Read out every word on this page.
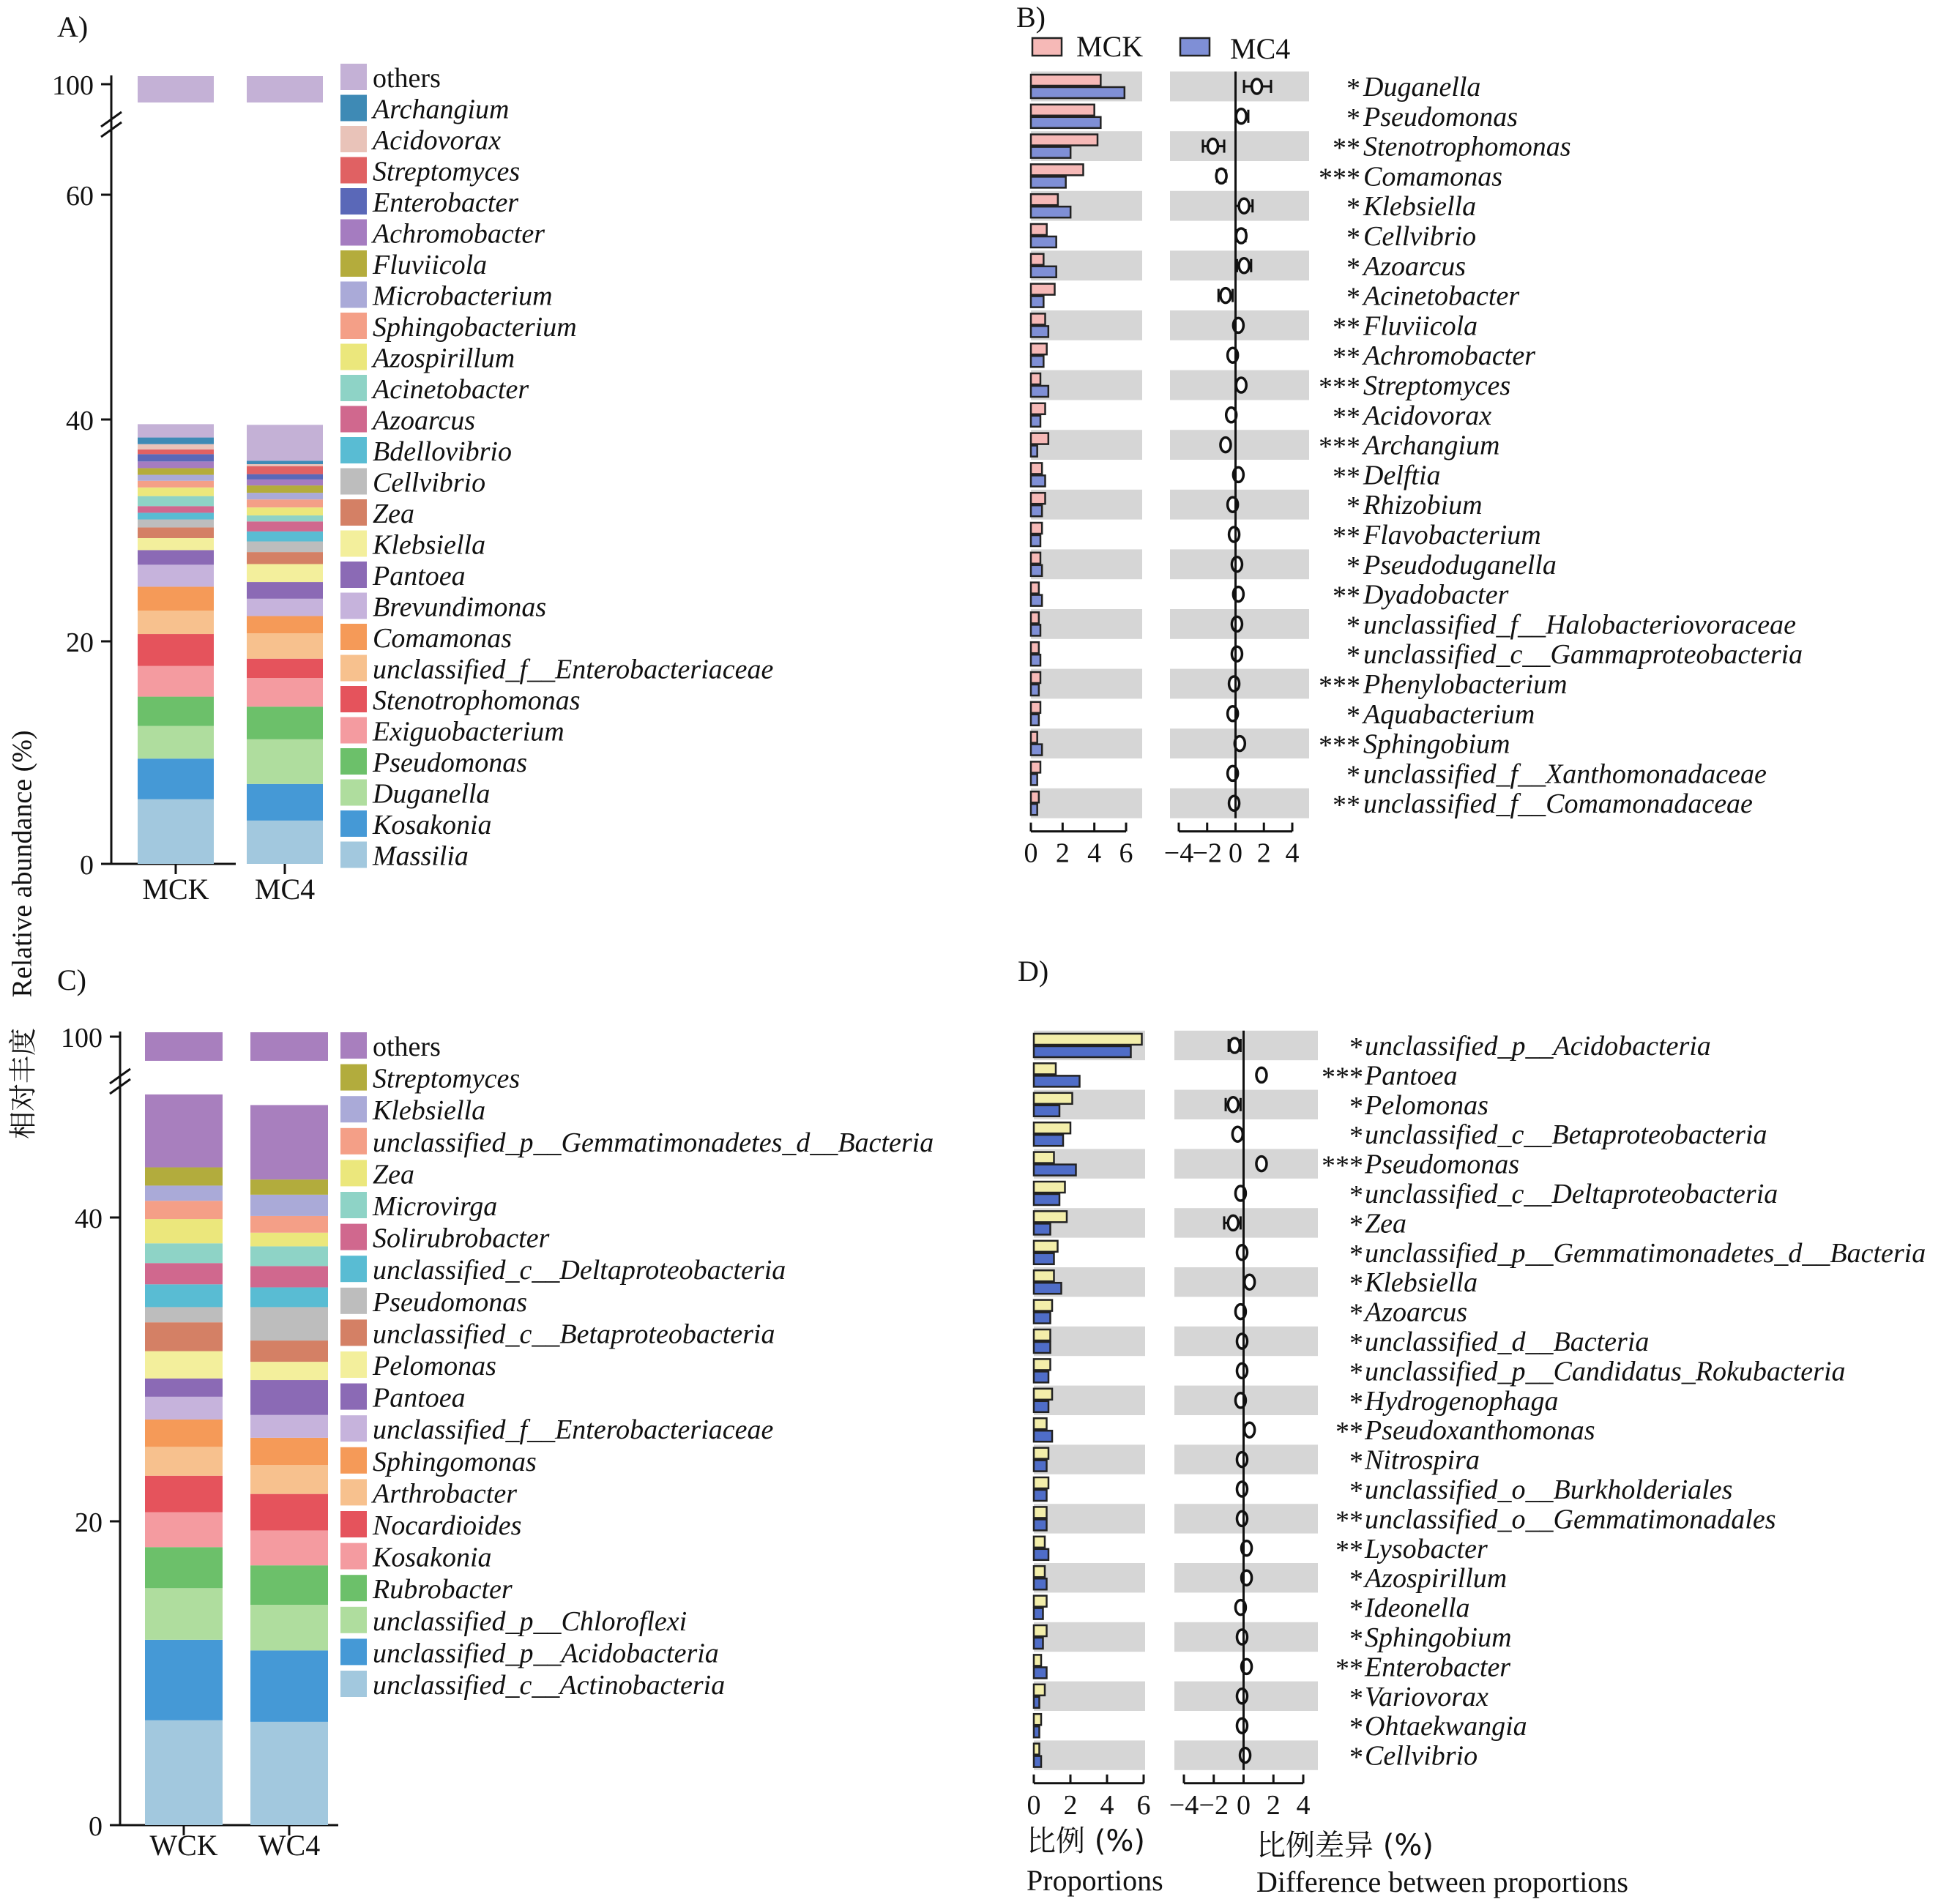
相对丰度
Relative abundance (%)
A)
0
20
40
60
100
MCK MC4
others
Archangium
Acidovorax
Streptomyces
Enterobacter
Achromobacter
Fluviicola
Microbacterium
Sphingobacterium
Azospirillum
Acinetobacter
Azoarcus
Bdellovibrio
Cellvibrio
Zea
Klebsiella
Pantoea
Brevundimonas
Comamonas
unclassified_f__Enterobacteriaceae
Stenotrophomonas
Exiguobacterium
Pseudomonas
Duganella
Kosakonia
Massilia
C)
0
20
40
100
WCK WC4
others
Streptomyces
Klebsiella
unclassified_p__Gemmatimonadetes_d__Bacteria
Zea
Microvirga
Solirubrobacter
unclassified_c__Deltaproteobacteria
Pseudomonas
unclassified_c__Betaproteobacteria
Pelomonas
Pantoea
unclassified_f__Enterobacteriaceae
Sphingomonas
Arthrobacter
Nocardioides
Kosakonia
Rubrobacter
unclassified_p__Chloroflexi
unclassified_p__Acidobacteria
unclassified_c__Actinobacteria
MCK	MC4
B)
* Duganella
* Pseudomonas
** Stenotrophomonas
*** Comamonas
* Klebsiella
* Cellvibrio
* Azoarcus
* Acinetobacter
** Fluviicola
** Achromobacter
*** Streptomyces
** Acidovorax
*** Archangium
** Delftia
* Rhizobium
** Flavobacterium
* Pseudoduganella
** Dyadobacter
* unclassified_f__Halobacteriovoraceae
* unclassified_c__Gammaproteobacteria
*** Phenylobacterium
* Aquabacterium
*** Sphingobium
* unclassified_f__Xanthomonadaceae
** unclassified_f__Comamonadaceae
0 2 4 6 −4
−2 0 2 4
D)
* unclassified_p__Acidobacteria
*** Pantoea
* Pelomonas
* unclassified_c__Betaproteobacteria
*** Pseudomonas
* unclassified_c__Deltaproteobacteria
* Zea
* unclassified_p__Gemmatimonadetes_d__Bacteria
* Klebsiella
* Azoarcus
* unclassified_d__Bacteria
* unclassified_p__Candidatus_Rokubacteria
* Hydrogenophaga
** Pseudoxanthomonas
* Nitrospira
* unclassified_o__Burkholderiales
** unclassified_o__Gemmatimonadales
** Lysobacter
* Azospirillum
* Ideonella
* Sphingobium
** Enterobacter
* Variovorax
* Ohtaekwangia
* Cellvibrio
0 2 4 6 −4 −2 0 2 4
比例 (%)
Proportions
比例差异 (%)
Difference between proportions
